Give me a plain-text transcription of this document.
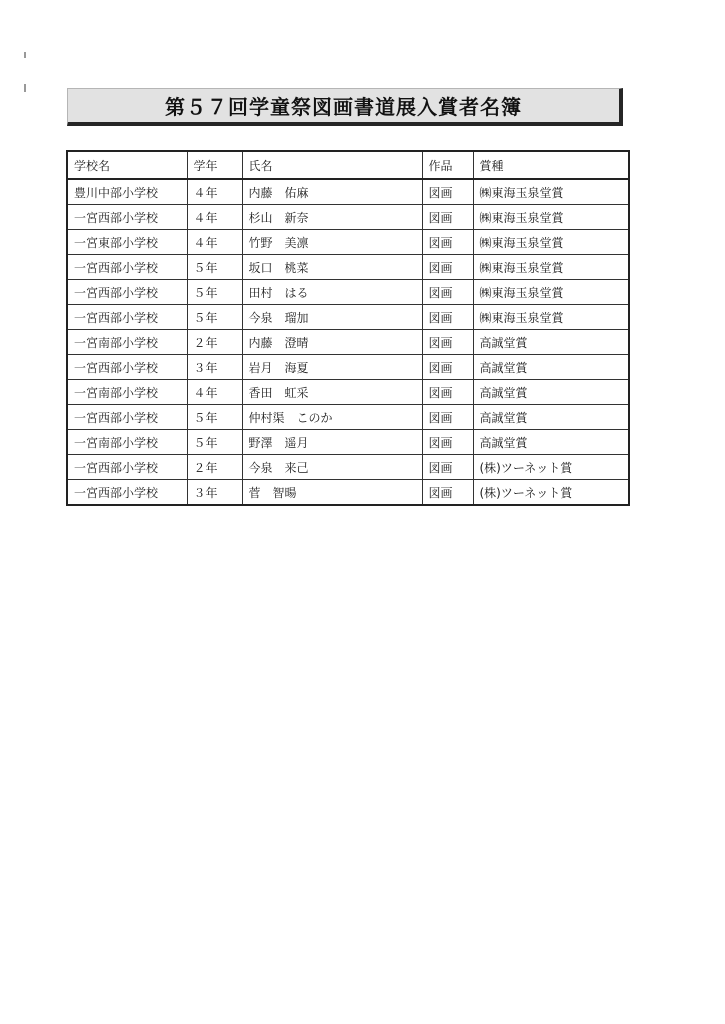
第５７回学童祭図画書道展入賞者名簿
学校名	学年	氏名	作品	賞種
豊川中部小学校	４年	内藤　佑麻	図画	㈱東海玉泉堂賞
一宮西部小学校	４年	杉山　新奈	図画	㈱東海玉泉堂賞
一宮東部小学校	４年	竹野　美凛	図画	㈱東海玉泉堂賞
一宮西部小学校	５年	坂口　桃菜	図画	㈱東海玉泉堂賞
一宮西部小学校	５年	田村　はる	図画	㈱東海玉泉堂賞
一宮西部小学校	５年	今泉　瑠加	図画	㈱東海玉泉堂賞
一宮南部小学校	２年	内藤　澄晴	図画	高誠堂賞
一宮西部小学校	３年	岩月　海夏	図画	高誠堂賞
一宮南部小学校	４年	香田　虹采	図画	高誠堂賞
一宮西部小学校	５年	仲村渠　このか	図画	高誠堂賞
一宮南部小学校	５年	野澤　遥月	図画	高誠堂賞
一宮西部小学校	２年	今泉　来己	図画	(株)ツーネット賞
一宮西部小学校	３年	菅　智暘	図画	(株)ツーネット賞
